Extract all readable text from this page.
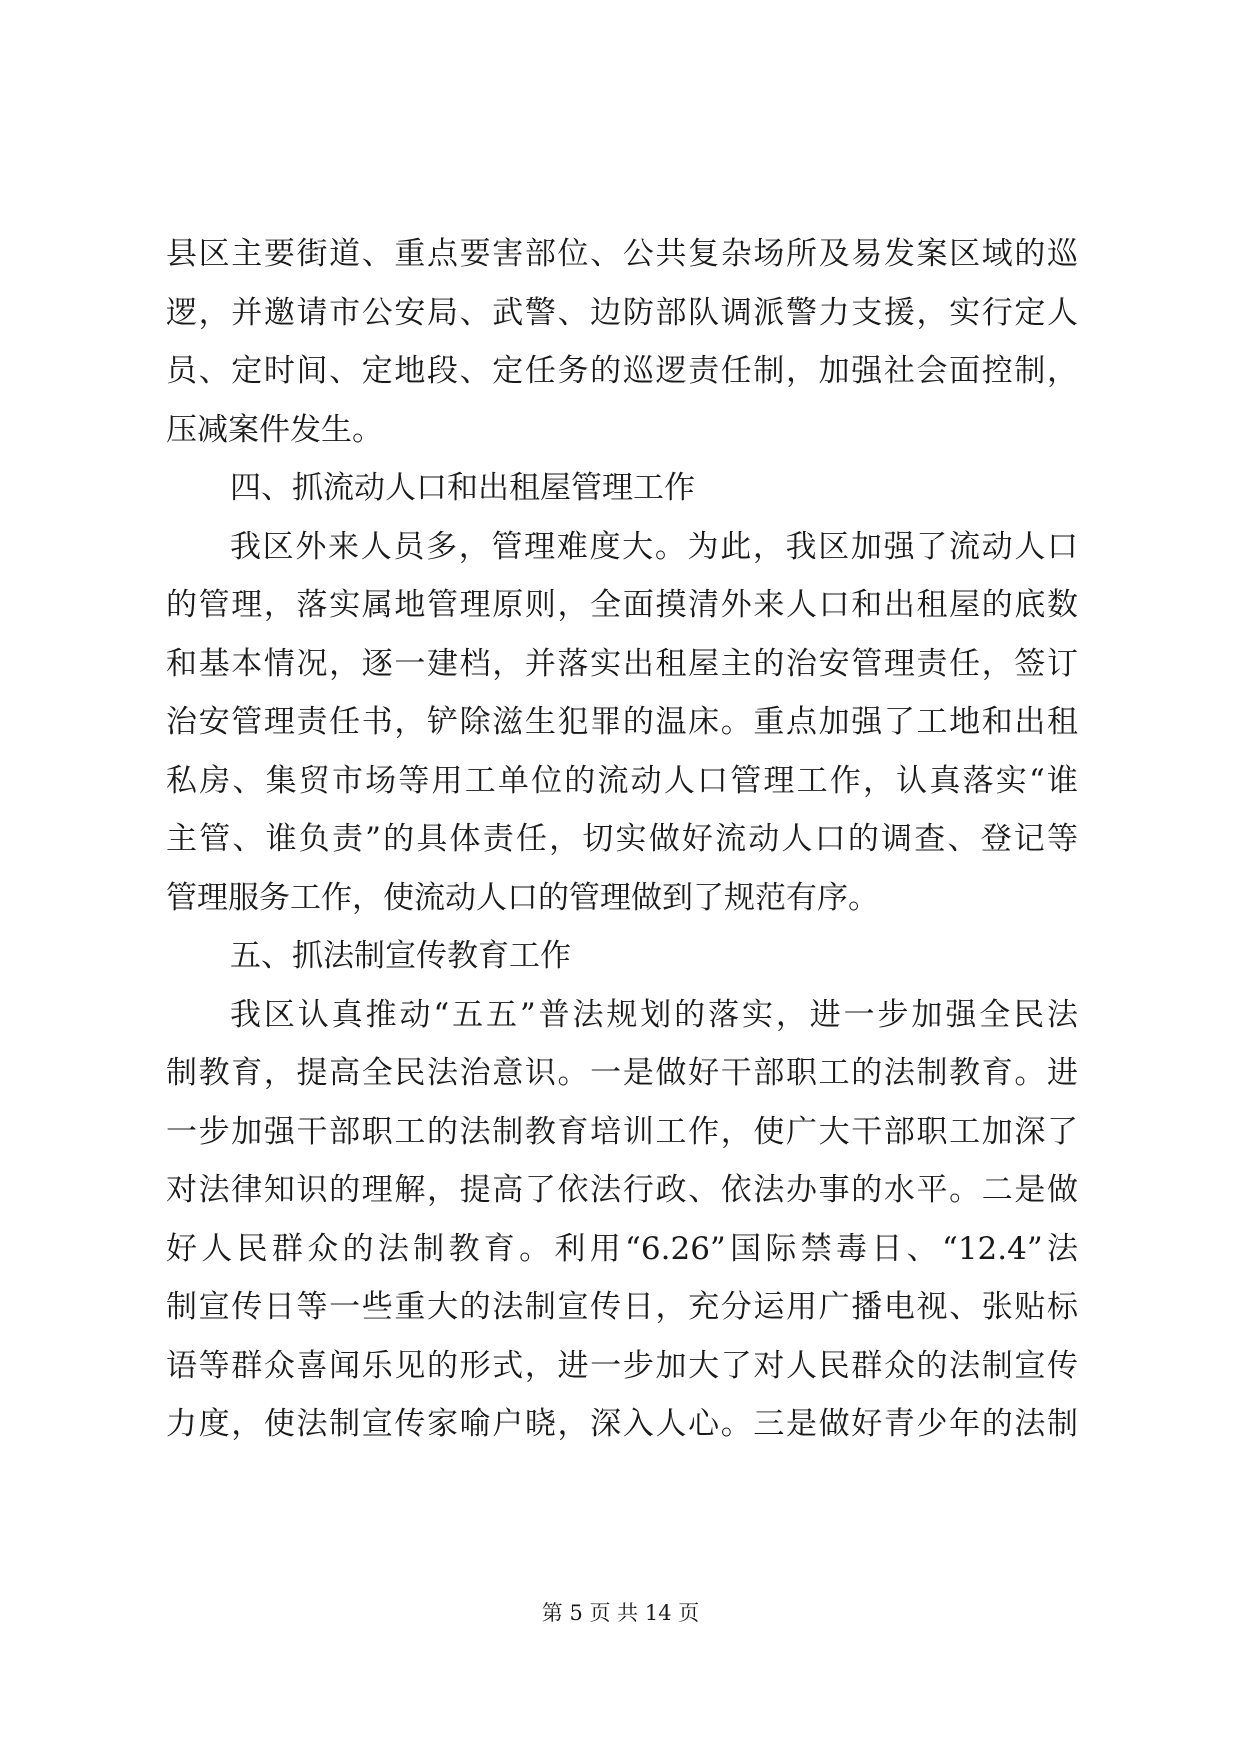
县区主要街道、重点要害部位、公共复杂场所及易发案区域的巡
逻，并邀请市公安局、武警、边防部队调派警力支援，实行定人
员、定时间、定地段、定任务的巡逻责任制，加强社会面控制，
压减案件发生。
四、抓流动人口和出租屋管理工作
我区外来人员多，管理难度大。为此，我区加强了流动人口
的管理，落实属地管理原则，全面摸清外来人口和出租屋的底数
和基本情况，逐一建档，并落实出租屋主的治安管理责任，签订
治安管理责任书，铲除滋生犯罪的温床。重点加强了工地和出租
私房、集贸市场等用工单位的流动人口管理工作，认真落实“谁
主管、谁负责”的具体责任，切实做好流动人口的调查、登记等
管理服务工作，使流动人口的管理做到了规范有序。
五、抓法制宣传教育工作
我区认真推动“五五”普法规划的落实，进一步加强全民法
制教育，提高全民法治意识。一是做好干部职工的法制教育。进
一步加强干部职工的法制教育培训工作，使广大干部职工加深了
对法律知识的理解，提高了依法行政、依法办事的水平。二是做
好人民群众的法制教育。利用“6.26”国际禁毒日、“12.4”法
制宣传日等一些重大的法制宣传日，充分运用广播电视、张贴标
语等群众喜闻乐见的形式，进一步加大了对人民群众的法制宣传
力度，使法制宣传家喻户晓，深入人心。三是做好青少年的法制
第 5 页 共 14 页
